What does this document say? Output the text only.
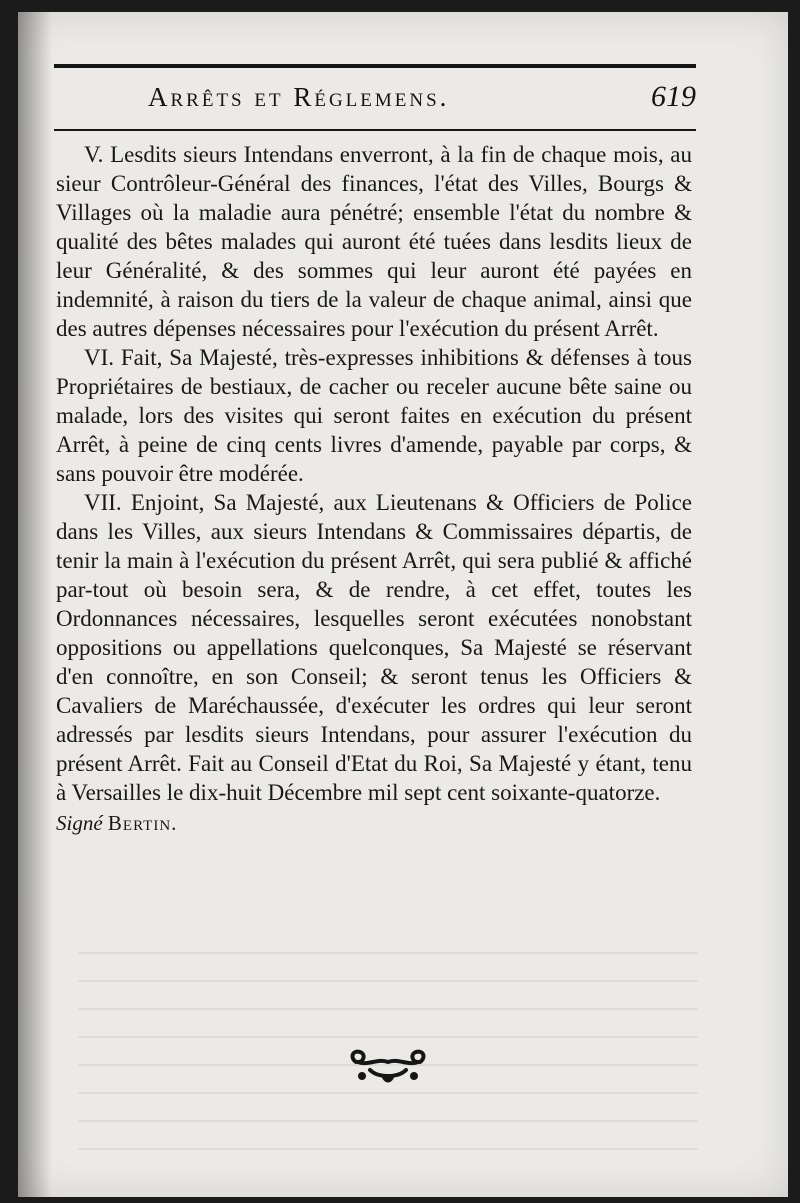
Arrêts et Réglemens.	619

V. Lesdits sieurs Intendans enverront, à la fin de chaque mois, au sieur Contrôleur-Général des finances, l'état des Villes, Bourgs & Villages où la maladie aura pénétré; ensemble l'état du nombre & qualité des bêtes malades qui auront été tuées dans lesdits lieux de leur Généralité, & des sommes qui leur auront été payées en indemnité, à raison du tiers de la valeur de chaque animal, ainsi que des autres dépenses nécessaires pour l'exécution du présent Arrêt.

VI. Fait, Sa Majesté, très-expresses inhibitions & défenses à tous Propriétaires de bestiaux, de cacher ou receler aucune bête saine ou malade, lors des visites qui seront faites en exécution du présent Arrêt, à peine de cinq cents livres d'amende, payable par corps, & sans pouvoir être modérée.

VII. Enjoint, Sa Majesté, aux Lieutenans & Officiers de Police dans les Villes, aux sieurs Intendans & Commissaires départis, de tenir la main à l'exécution du présent Arrêt, qui sera publié & affiché par-tout où besoin sera, & de rendre, à cet effet, toutes les Ordonnances nécessaires, lesquelles seront exécutées nonobstant oppositions ou appellations quelconques, Sa Majesté se réservant d'en connoître, en son Conseil; & seront tenus les Officiers & Cavaliers de Maréchaussée, d'exécuter les ordres qui leur seront adressés par lesdits sieurs Intendans, pour assurer l'exécution du présent Arrêt. Fait au Conseil d'Etat du Roi, Sa Majesté y étant, tenu à Versailles le dix-huit Décembre mil sept cent soixante-quatorze.

Signé Bertin.
